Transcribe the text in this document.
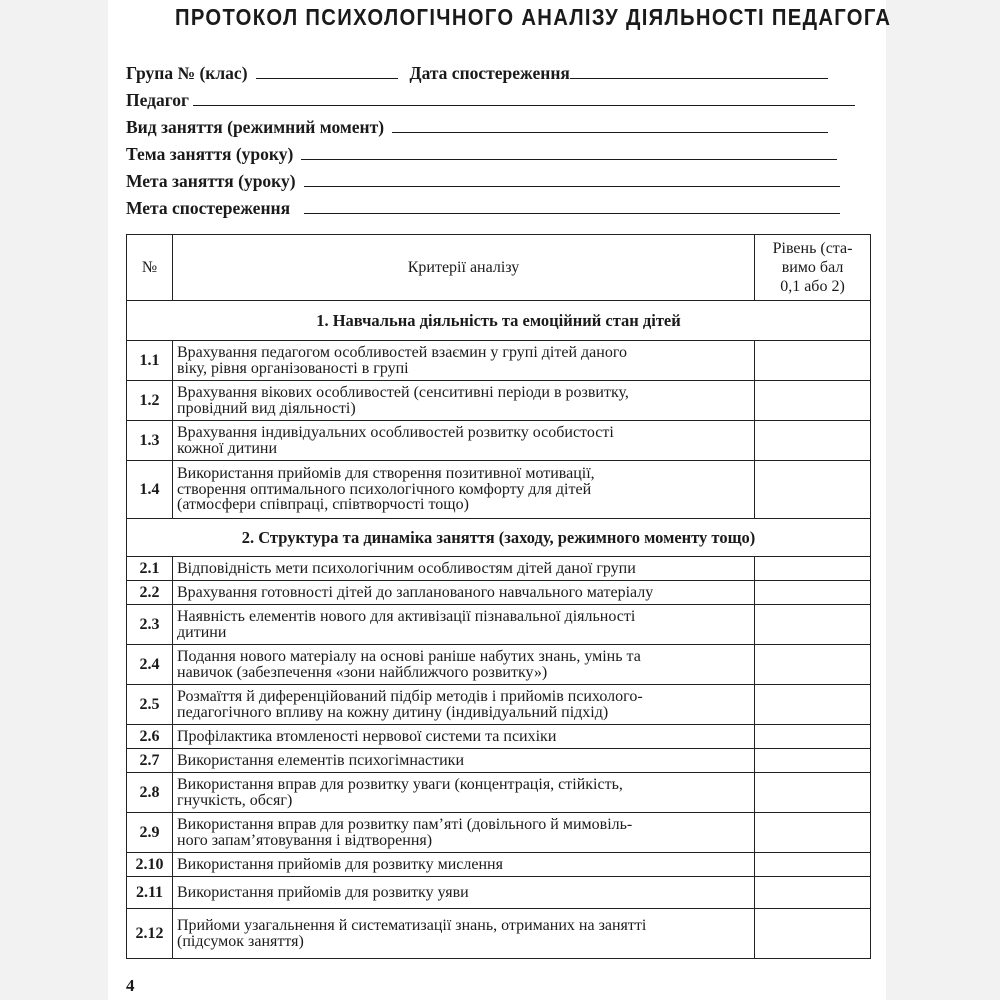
ПРОТОКОЛ ПСИХОЛОГІЧНОГО АНАЛІЗУ ДІЯЛЬНОСТІ ПЕДАГОГА
Група № (клас)	Дата спостереження
Педагог
Вид заняття (режимний момент)
Тема заняття (уроку)
Мета заняття (уроку)
Мета спостереження
№	Критерії аналізу	Рівень (ста-
вимо бал
0,1 або 2)

1. Навчальна діяльність та емоційний стан дітей		
1.1	Врахування педагогом особливостей взаємин у групі дітей даного
віку, рівня організованості в групі	

1.2	Врахування вікових особливостей (сенситивні періоди в розвитку,
провідний вид діяльності)	

1.3	Врахування індивідуальних особливостей розвитку особистості
кожної дитини	

1.4	Використання прийомів для створення позитивної мотивації,
створення оптимального психологічного комфорту для дітей
(атмосфери співпраці, співтворчості тощо)	

2. Структура та динаміка заняття (заходу, режимного моменту тощо)		
2.1	Відповідність мети психологічним особливостям дітей даної групи	

2.2	Врахування готовності дітей до запланованого навчального матеріалу	

2.3	Наявність елементів нового для активізації пізнавальної діяльності
дитини	

2.4	Подання нового матеріалу на основі раніше набутих знань, умінь та
навичок (забезпечення «зони найближчого розвитку»)	

2.5	Розмаїття й диференційований підбір методів і прийомів психолого-
педагогічного впливу на кожну дитину (індивідуальний підхід)	

2.6	Профілактика втомленості нервової системи та психіки	

2.7	Використання елементів психогімнастики	

2.8	Використання вправ для розвитку уваги (концентрація, стійкість,
гнучкість, обсяг)	

2.9	Використання вправ для розвитку пам’яті (довільного й мимовіль-
ного запам’ятовування і відтворення)	

2.10	Використання прийомів для розвитку мислення	

2.11	Використання прийомів для розвитку уяви	

2.12	Прийоми узагальнення й систематизації знань, отриманих на занятті
(підсумок заняття)	

4
